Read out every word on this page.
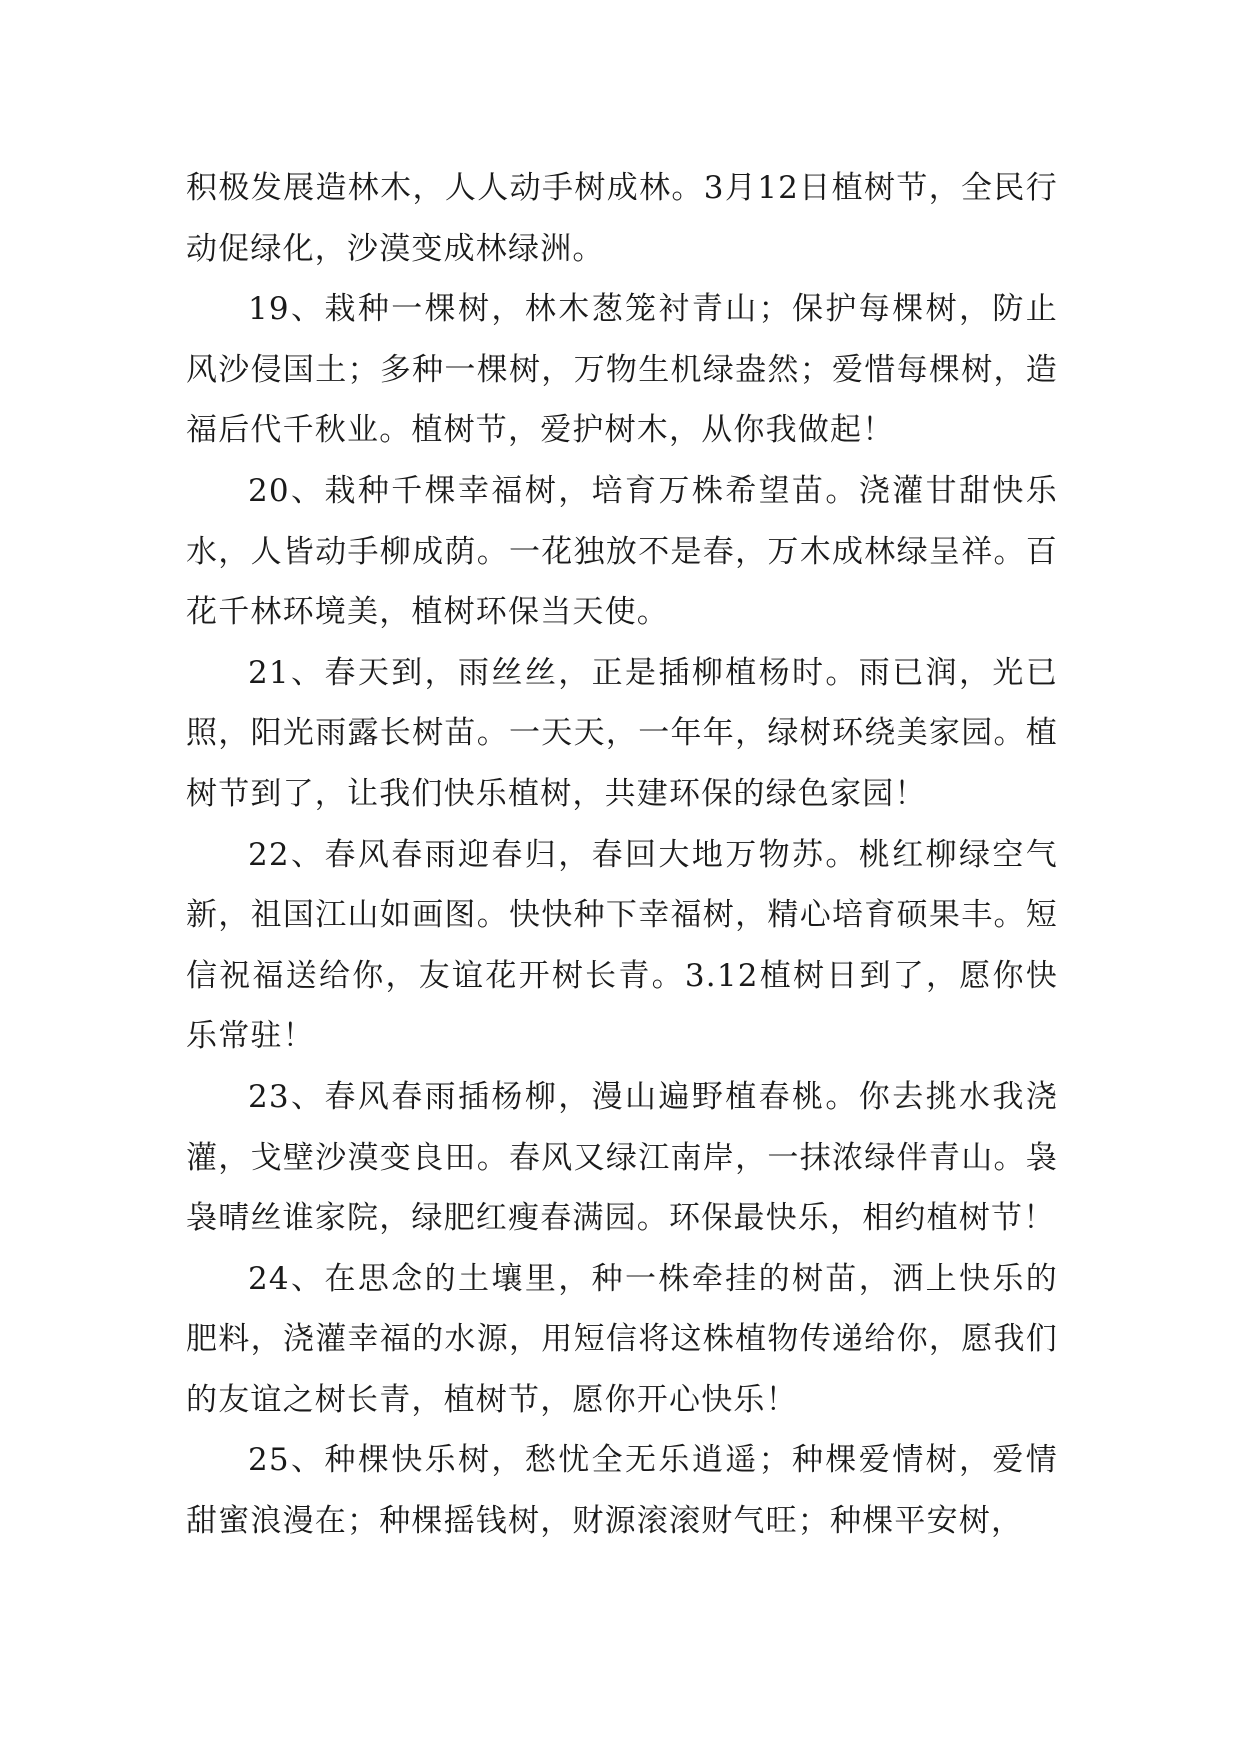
积极发展造林木，人人动手树成林。3月12日植树节，全民行动促绿化，沙漠变成林绿洲。

19、栽种一棵树，林木葱笼衬青山；保护每棵树，防止风沙侵国土；多种一棵树，万物生机绿盎然；爱惜每棵树，造福后代千秋业。植树节，爱护树木，从你我做起！

20、栽种千棵幸福树，培育万株希望苗。浇灌甘甜快乐水，人皆动手柳成荫。一花独放不是春，万木成林绿呈祥。百花千林环境美，植树环保当天使。

21、春天到，雨丝丝，正是插柳植杨时。雨已润，光已照，阳光雨露长树苗。一天天，一年年，绿树环绕美家园。植树节到了，让我们快乐植树，共建环保的绿色家园！

22、春风春雨迎春归，春回大地万物苏。桃红柳绿空气新，祖国江山如画图。快快种下幸福树，精心培育硕果丰。短信祝福送给你，友谊花开树长青。3.12植树日到了，愿你快乐常驻！

23、春风春雨插杨柳，漫山遍野植春桃。你去挑水我浇灌，戈壁沙漠变良田。春风又绿江南岸，一抹浓绿伴青山。袅袅晴丝谁家院，绿肥红瘦春满园。环保最快乐，相约植树节！

24、在思念的土壤里，种一株牵挂的树苗，洒上快乐的肥料，浇灌幸福的水源，用短信将这株植物传递给你，愿我们的友谊之树长青，植树节，愿你开心快乐！

25、种棵快乐树，愁忧全无乐逍遥；种棵爱情树，爱情甜蜜浪漫在；种棵摇钱树，财源滚滚财气旺；种棵平安树，
